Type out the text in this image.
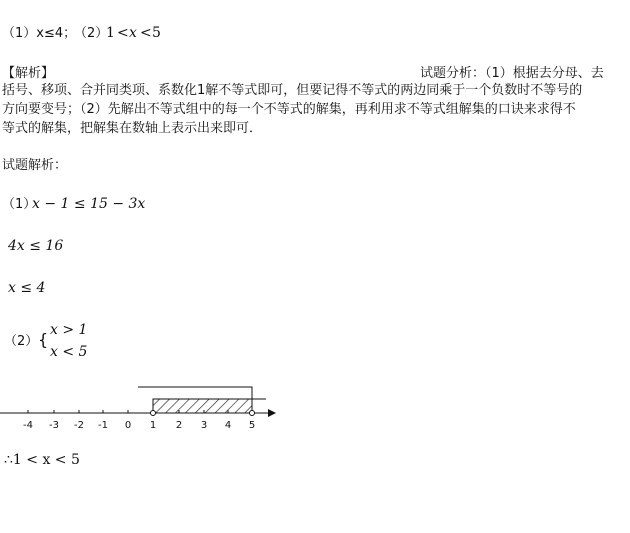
（1）x≤4；
（2）
1 < x < 5
【解析】	试题分析：（1）根据去分母、去
括号、移项、合并同类项、系数化1解不等式即可，但要记得不等式的两边同乘于一个负数时不等号的
方向要变号；（2）先解出不等式组中的每一个不等式的解集，再利用求不等式组解集的口诀来求得不
等式的解集，把解集在数轴上表示出来即可．
试题解析：
（1）
x − 1 ≤ 15 − 3x
4x ≤ 16
x ≤ 4
（2） { x > 1
x < 5
-4 -3 -2 -1 0 1 2 3 4 5
∴1 < x < 5
